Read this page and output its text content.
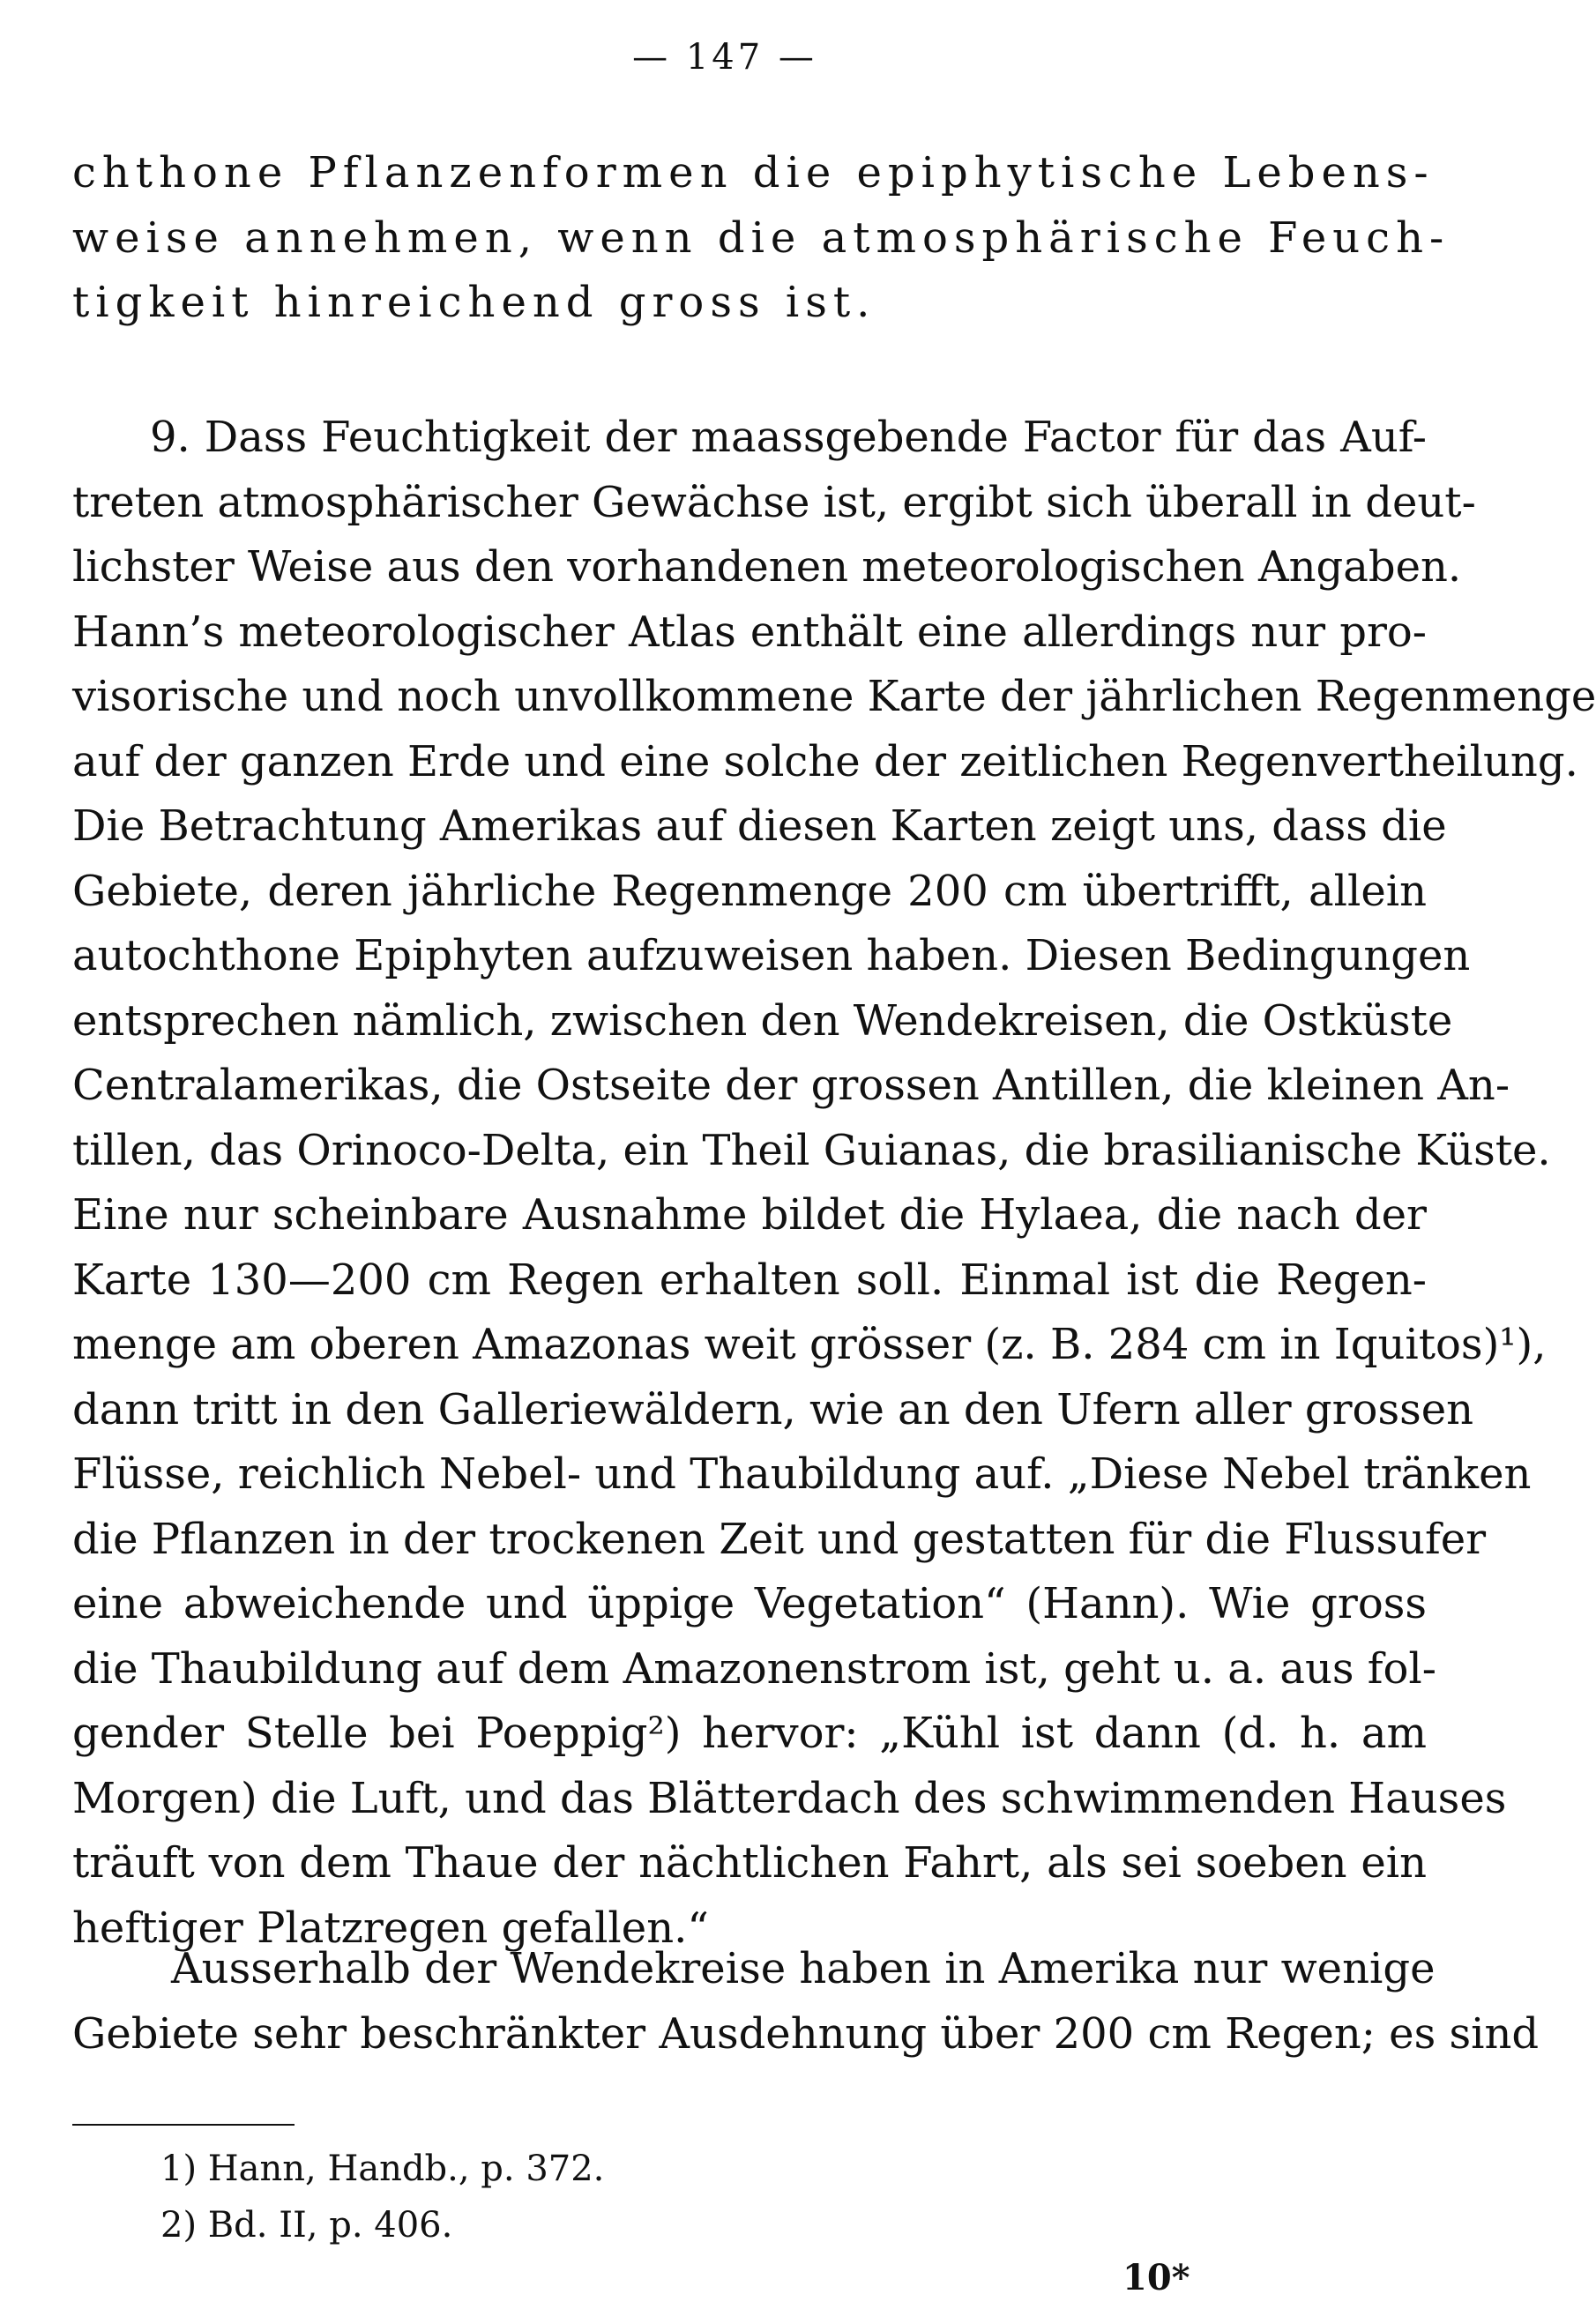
— 147 —
chthone Pflanzenformen die epiphytische Lebens-
weise annehmen, wenn die atmosphärische Feuch-
tigkeit hinreichend gross ist.
9. Dass Feuchtigkeit der maassgebende Factor für das Auf-
treten atmosphärischer Gewächse ist, ergibt sich überall in deut-
lichster Weise aus den vorhandenen meteorologischen Angaben.
Hann’s meteorologischer Atlas enthält eine allerdings nur pro-
visorische und noch unvollkommene Karte der jährlichen Regenmenge
auf der ganzen Erde und eine solche der zeitlichen Regenvertheilung.
Die Betrachtung Amerikas auf diesen Karten zeigt uns, dass die
Gebiete, deren jährliche Regenmenge 200 cm übertrifft, allein
autochthone Epiphyten aufzuweisen haben. Diesen Bedingungen
entsprechen nämlich, zwischen den Wendekreisen, die Ostküste
Centralamerikas, die Ostseite der grossen Antillen, die kleinen An-
tillen, das Orinoco-Delta, ein Theil Guianas, die brasilianische Küste.
Eine nur scheinbare Ausnahme bildet die Hylaea, die nach der
Karte 130—200 cm Regen erhalten soll. Einmal ist die Regen-
menge am oberen Amazonas weit grösser (z. B. 284 cm in Iquitos)¹),
dann tritt in den Galleriewäldern, wie an den Ufern aller grossen
Flüsse, reichlich Nebel- und Thaubildung auf. „Diese Nebel tränken
die Pflanzen in der trockenen Zeit und gestatten für die Flussufer
eine abweichende und üppige Vegetation“ (Hann). Wie gross
die Thaubildung auf dem Amazonenstrom ist, geht u. a. aus fol-
gender Stelle bei Poeppig²) hervor: „Kühl ist dann (d. h. am
Morgen) die Luft, und das Blätterdach des schwimmenden Hauses
träuft von dem Thaue der nächtlichen Fahrt, als sei soeben ein
heftiger Platzregen gefallen.“
Ausserhalb der Wendekreise haben in Amerika nur wenige
Gebiete sehr beschränkter Ausdehnung über 200 cm Regen; es sind
1) Hann, Handb., p. 372.
2) Bd. II, p. 406.
10*
